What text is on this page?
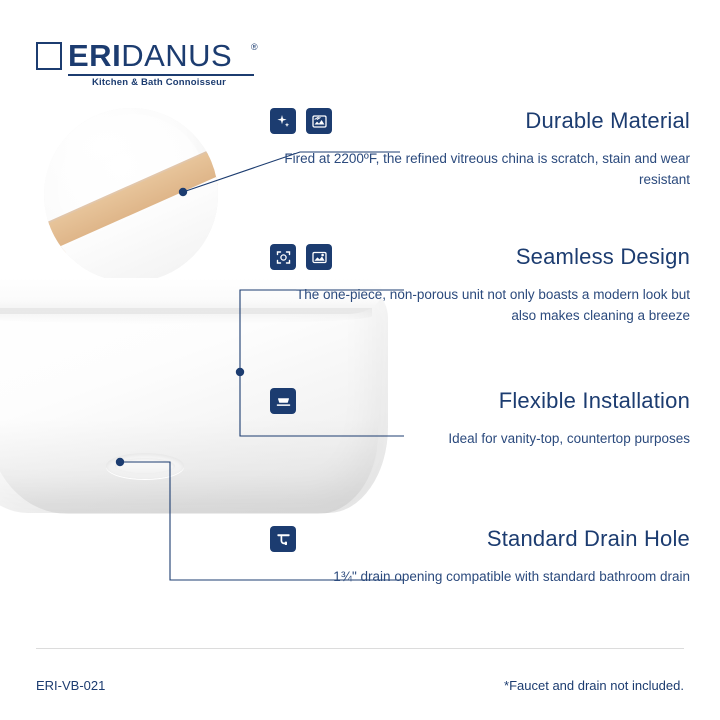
ERIDANUS ®
Kitchen & Bath Connoisseur
Durable Material
Fired at 2200ºF, the refined vitreous china is scratch, stain and wear resistant
Seamless Design
The one-piece, non-porous unit not only boasts a modern look but also makes cleaning a breeze
Flexible Installation
Ideal for vanity-top, countertop purposes
Standard Drain Hole
1¾" drain opening compatible with standard bathroom drain
ERI-VB-021	*Faucet and drain not included.
